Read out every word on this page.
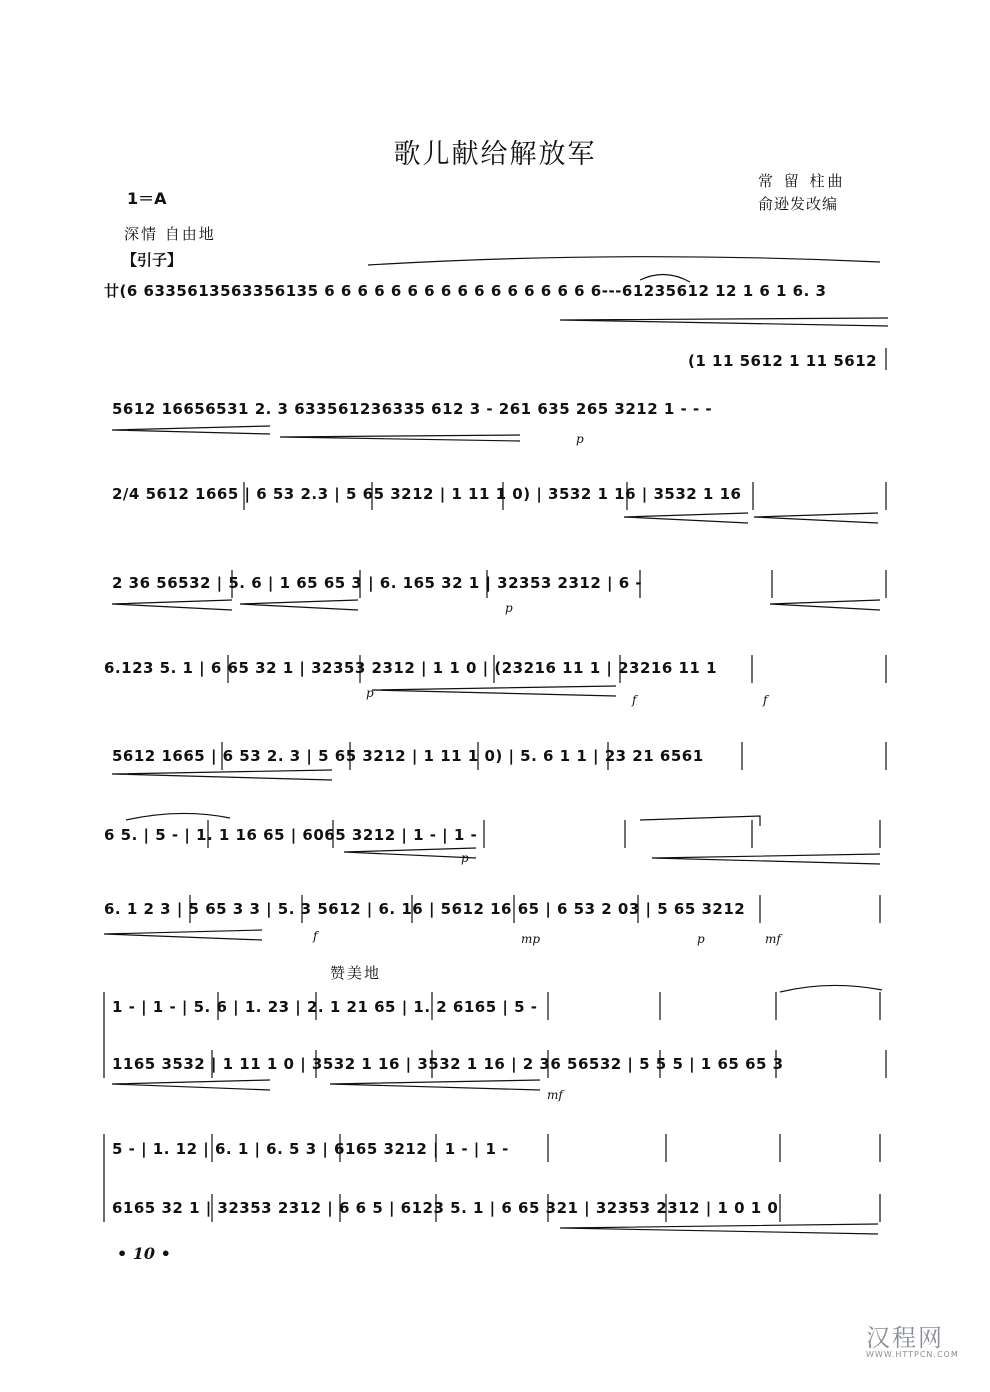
歌儿献给解放军
1＝A
常 留 柱曲
俞逊发改编
深情 自由地
【引子】
赞美地
廿(6 6335613563356135 6 6 6 6 6 6 6 6 6 6 6 6 6 6 6 6 6---61235612 12 1 6 1 6. 3
(1 11 5612 1 11 5612
5612 16656531 2. 3 633561236335 612 3 - 261 635 265 3212 1 - - -
2/4 5612 1665 | 6 53 2.3 | 5 65 3212 | 1 11 1 0) | 3532 1 16 | 3532 1 16
2 36 56532 | 5. 6 | 1 65 65 3 | 6. 165 32 1 | 32353 2312 | 6 -
6.123 5. 1 | 6 65 32 1 | 32353 2312 | 1 1 0 | (23216 11 1 | 23216 11 1
5612 1665 | 6 53 2. 3 | 5 65 3212 | 1 11 1 0) | 5. 6 1 1 | 23 21 6561
6 5. | 5 - | 1. 1 16 65 | 6065 3212 | 1 - | 1 -
6. 1 2 3 | 5 65 3 3 | 5. 3 5612 | 6. 16 | 5612 16 65 | 6 53 2 03 | 5 65 3212
1 - | 1 - | 5. 6 | 1. 23 | 2. 1 21 65 | 1. 2 6165 | 5 -
1165 3532 | 1 11 1 0 | 3532 1 16 | 3532 1 16 | 2 36 56532 | 5 5 5 | 1 65 65 3
5 - | 1. 12 | 6. 1 | 6. 5 3 | 6165 3212 | 1 - | 1 -
6165 32 1 | 32353 2312 | 6 6 5 | 6123 5. 1 | 6 65 321 | 32353 2312 | 1 0 1 0
p
p
p	f	f
p
f	mp	p	mf
mf
• 10 •
汉程网
WWW.HTTPCN.COM
